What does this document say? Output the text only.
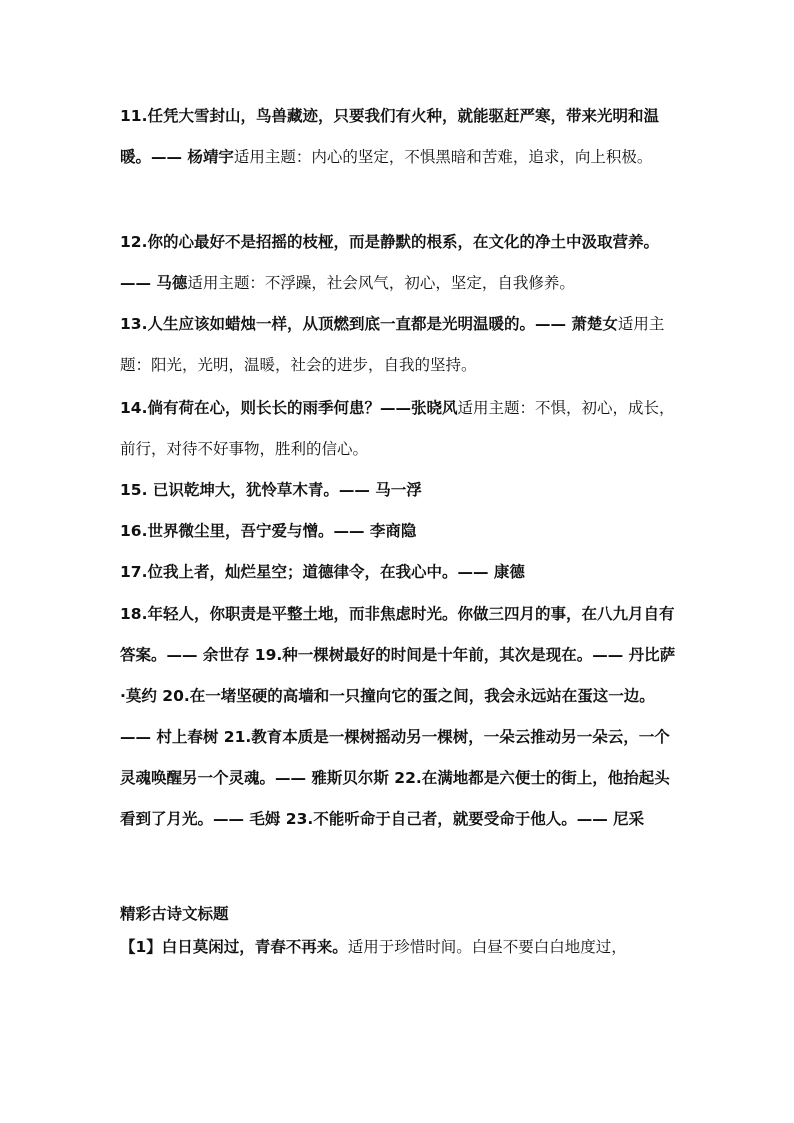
11.任凭大雪封山，鸟兽藏迹，只要我们有火种，就能驱赶严寒，带来光明和温暖。—— 杨靖宇适用主题：内心的坚定，不惧黑暗和苦难，追求，向上积极。

12.你的心最好不是招摇的枝桠，而是静默的根系，在文化的净土中汲取营养。—— 马德适用主题：不浮躁，社会风气，初心，坚定，自我修养。

13.人生应该如蜡烛一样，从顶燃到底一直都是光明温暖的。—— 萧楚女适用主题：阳光，光明，温暖，社会的进步，自我的坚持。

14.倘有荷在心，则长长的雨季何患？——张晓风适用主题：不惧，初心，成长，前行，对待不好事物，胜利的信心。

15. 已识乾坤大，犹怜草木青。—— 马一浮

16.世界微尘里，吾宁爱与憎。—— 李商隐

17.位我上者，灿烂星空；道德律令，在我心中。—— 康德

18.年轻人，你职责是平整土地，而非焦虑时光。你做三四月的事，在八九月自有答案。—— 余世存 19.种一棵树最好的时间是十年前，其次是现在。—— 丹比萨·莫约 20.在一堵坚硬的高墙和一只撞向它的蛋之间，我会永远站在蛋这一边。—— 村上春树 21.教育本质是一棵树摇动另一棵树，一朵云推动另一朵云，一个灵魂唤醒另一个灵魂。—— 雅斯贝尔斯 22.在满地都是六便士的街上，他抬起头看到了月光。—— 毛姆 23.不能听命于自己者，就要受命于他人。—— 尼采

精彩古诗文标题

【1】白日莫闲过，青春不再来。适用于珍惜时间。白昼不要白白地度过，
